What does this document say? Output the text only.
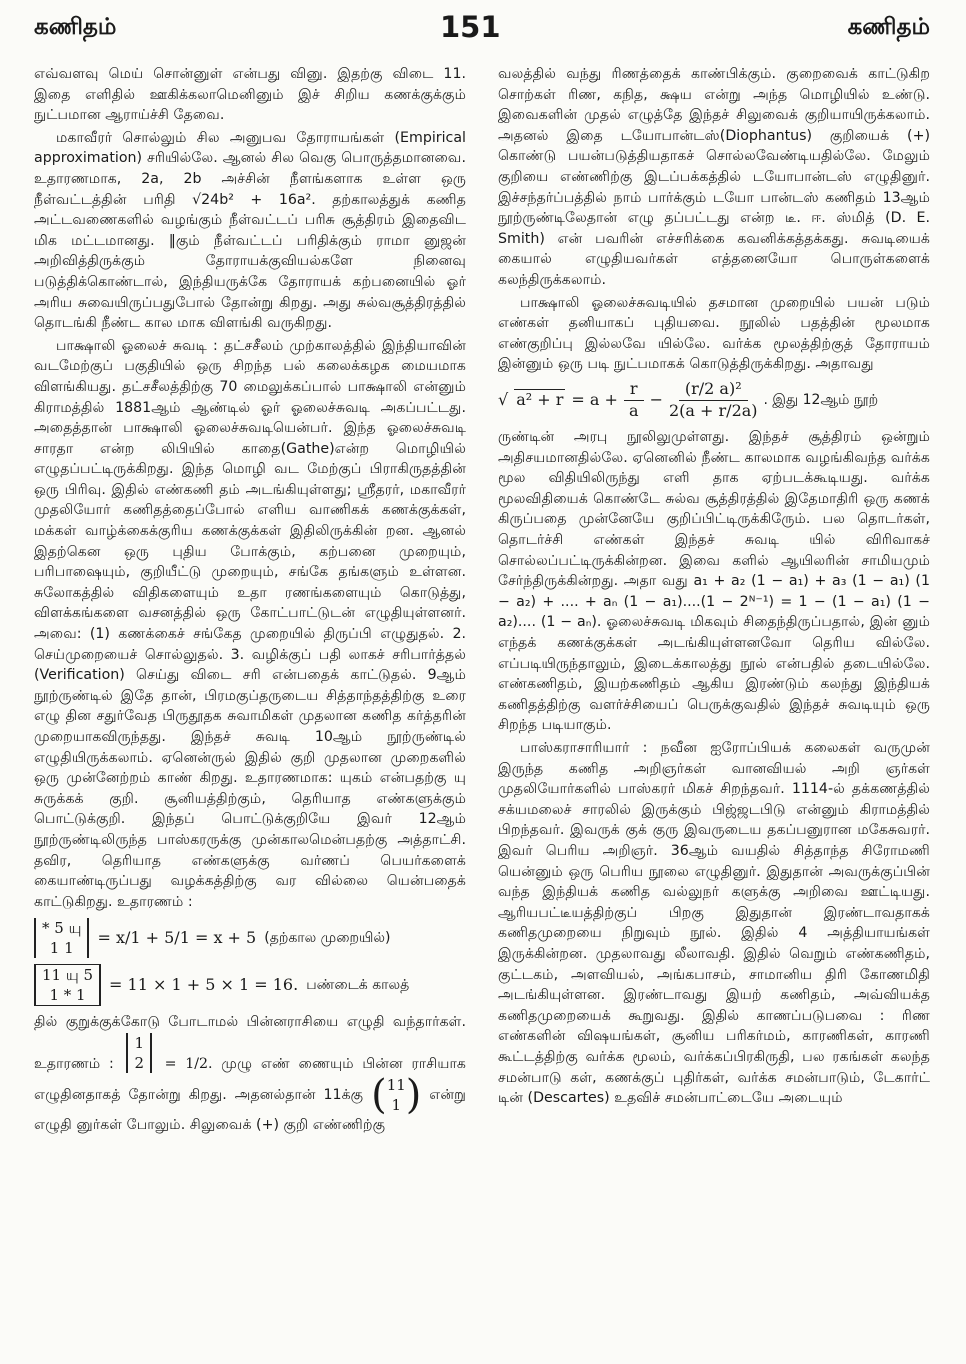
கணிதம்	151	கணிதம்

எவ்வளவு மெய் சொன்னுள் என்பது வினு. இதற்கு விடை 11. இதை எளிதில் ஊகிக்கலாமெனினும் இச் சிறிய கணக்குக்கும் நுட்பமான ஆராய்ச்சி தேவை.

மகாவீரர் சொல்லும் சில அனுபவ தோராயங்கள் (Empirical approximation) சரியில்லே. ஆனல் சில வெகு பொருத்தமானவை. உதாரணமாக, 2a, 2b அச்சின் நீளங்களாக உள்ள ஒரு நீள்வட்டத்தின் பரிதி √24b² + 16a². தற்காலத்துக் கணித அட்டவணைகளில் வழங்கும் நீள்வட்டப் பரிசு சூத்திரம் இதைவிட மிக மட்டமானது. ‖கும் நீள்வட்டப் பரிதிக்கும் ராமா னுஜன் அறிவித்திருக்கும் தோராயக்குவியல்களே நினைவு படுத்திக்கொண்டால், இந்தியருக்கே தோராயக் கற்பனையில் ஓர் அரிய சுவையிருப்பதுபோல் தோன்று கிறது. அது சுல்வசூத்திரத்தில் தொடங்கி நீண்ட கால மாக விளங்கி வருகிறது.

பாக்ஷாலி ஓலைச் சுவடி : தட்சசீலம் முற்காலத்தில் இந்தியாவின் வடமேற்குப் பகுதியில் ஒரு சிறந்த பல் கலைக்கழக மையமாக விளங்கியது. தட்சசீலத்திற்கு 70 மைலுக்கப்பால் பாக்ஷாலி என்னும் கிராமத்தில் 1881ஆம் ஆண்டில் ஓர் ஓலைச்சுவடி அகப்பட்டது. அதைத்தான் பாக்ஷாலி ஓலைச்சுவடியென்பர். இந்த ஓலைச்சுவடி சாரதா என்ற லிபியில் காதை(Gathe)என்ற மொழியில் எழுதப்பட்டிருக்கிறது. இந்த மொழி வட மேற்குப் பிராகிருதத்தின் ஒரு பிரிவு. இதில் எண்கணி தம் அடங்கியுள்ளது; ஸ்ரீதரர், மகாவீரர் முதலியோர் கணிதத்தைப்போல் எளிய வாணிகக் கணக்குக்கள், மக்கள் வாழ்க்கைக்குரிய கணக்குக்கள் இதிலிருக்கின் றன. ஆனல் இதற்கென ஒரு புதிய போக்கும், கற்பனை முறையும், பரிபாஷையும், குறியீட்டு முறையும், சங்கே தங்களும் உள்ளன. சுலோகத்தில் விதிகளையும் உதா ரணங்களையும் கொடுத்து, விளக்கங்களை வசனத்தில் ஒரு கோட்பாட்டுடன் எழுதியுள்ளனர். அவை: (1) கணக்கைச் சங்கேத முறையில் திருப்பி எழுதுதல். 2. செய்முறையைச் சொல்லுதல். 3. வழிக்குப் பதி லாகச் சரிபார்த்தல் (Verification) செய்து விடை சரி என்பதைக் காட்டுதல். 9ஆம் நூற்ருண்டில் இதே தான், பிரமகுப்தருடைய சித்தாந்தத்திற்கு உரை எழு தின சதுர்வேத பிருதூதக சுவாமிகள் முதலான கணித கர்த்தரின் முறையாகவிருந்தது. இந்தச் சுவடி 10ஆம் நூற்ருண்டில் எழுதியிருக்கலாம். ஏனென்ருல் இதில் குறி முதலான முறைகளில் ஒரு முன்னேற்றம் காண் கிறது. உதாரணமாக: யுகம் என்பதற்கு யு சுருக்கக் குறி. சூனியத்திற்கும், தெரியாத எண்களுக்கும் பொட்டுக்குறி. இந்தப் பொட்டுக்குறியே இவர் 12ஆம் நூற்ருண்டிலிருந்த பாஸ்கரருக்கு முன்காலமென்பதற்கு அத்தாட்சி. தவிர, தெரியாத எண்களுக்கு வர்ணப் பெயர்களைக் கையாண்டிருப்பது வழக்கத்திற்கு வர வில்லை யென்பதைக் காட்டுகிறது. உதாரணம் :

* 5 யு
1 1
= x/1 + 5/1 = x + 5 (தற்கால முறையில்)
11 யு 5
1 * 1
= 11 × 1 + 5 × 1 = 16. பண்டைக் காலத்

தில் குறுக்குக்கோடு போடாமல் பின்னராசியை எழுதி வந்தார்கள். உதாரணம் :
1
2 = 1/2. முழு எண் ணையும் பின்ன ராசியாக எழுதினதாகத் தோன்று கிறது. அதனல்தான் 11க்கு ( 11
1 ) என்று எழுதி னுர்கள் போலும். சிலுவைக் (+) குறி எண்ணிற்கு

வலத்தில் வந்து ரிணத்தைக் காண்பிக்கும். குறைவைக் காட்டுகிற சொற்கள் ரிண, கநித, க்ஷய என்று அந்த மொழியில் உண்டு. இவைகளின் முதல் எழுத்தே இந்தச் சிலுவைக் குறியாயிருக்கலாம். அதனல் இதை டயோபான்டஸ்(Diophantus) குறியைக் (+) கொண்டு பயன்படுத்தியதாகச் சொல்லவேண்டியதில்லே. மேலும் குறியை எண்ணிற்கு இடப்பக்கத்தில் டயோபான்டஸ் எழுதினுர். இச்சந்தர்ப்பத்தில் நாம் பார்க்கும் டயோ பான்டஸ் கணிதம் 13ஆம் நூற்ருண்டிலேதான் எழு தப்பட்டது என்ற டீ. ஈ. ஸ்மித் (D. E. Smith) என் பவரின் எச்சரிக்கை கவனிக்கத்தக்கது. சுவடியைக் கையால் எழுதியவர்கள் எத்தனையோ பொருள்களைக் கலந்திருக்கலாம்.

பாக்ஷாலி ஓலைச்சுவடியில் தசமான முறையில் பயன் படும் எண்கள் தனியாகப் புதியவை. நூலில் பதத்தின் மூலமாக எண்குறிப்பு இல்லவே யில்லே. வர்க்க மூலத்திற்குத் தோராயம் இன்னும் ஒரு படி நுட்பமாகக் கொடுத்திருக்கிறது. அதாவது

√ $a^2 + r = a + \frac{r}{a} - \frac{\text{(r/2 a)²}}{2(a + r/2a)}$ . இது 12ஆம் நூற்

ருண்டின் அரபு நூலிலுமுள்ளது. இந்தச் சூத்திரம் ஒன்றும் அதிசயமானதில்லே. ஏனெனில் நீண்ட காலமாக வழங்கிவந்த வர்க்க மூல விதியிலிருந்து எளி தாக ஏற்படக்கூடியது. வர்க்க மூலவிதியைக் கொண்டே சுல்வ சூத்திரத்தில் இதேமாதிரி ஒரு கணக் கிருப்பதை முன்னேயே குறிப்பிட்டிருக்கிருேம். பல தொடர்கள், தொடர்ச்சி எண்கள் இந்தச் சுவடி யில் விரிவாகச் சொல்லப்பட்டிருக்கின்றன. இவை களில் ஆயிலரின் சாமியமும் சேர்ந்திருக்கின்றது. அதா வது a₁ + a₂ (1 − a₁) + a₃ (1 − a₁) (1 − a₂) + .... + aₙ (1 − a₁)....(1 − 2ᴺ⁻¹) = 1 − (1 − a₁) (1 − a₂).... (1 − aₙ). ஓலைச்சுவடி மிகவும் சிதைந்திருப்பதால், இன் னும் எந்தக் கணக்குக்கள் அடங்கியுள்ளனவோ தெரிய வில்லே. எப்படியிருந்தாலும், இடைக்காலத்து நூல் என்பதில் தடையில்லே. எண்கணிதம், இயற்கணிதம் ஆகிய இரண்டும் கலந்து இந்தியக் கணிதத்திற்கு வளர்ச்சியைப் பெருக்குவதில் இந்தச் சுவடியும் ஒரு சிறந்த படியாகும்.

பாஸ்கராசாரியார் : நவீன ஐரோப்பியக் கலைகள் வருமுன் இருந்த கணித அறிஞர்கள் வானவியல் அறி ஞர்கள் முதலியோர்களில் பாஸ்கரர் மிகச் சிறந்தவர். 1114-ல் தக்கணத்தில் சக்யமலைச் சாரலில் இருக்கும் பிஜ்ஜடபிடு என்னும் கிராமத்தில் பிறந்தவர். இவருக் குக் குரு இவருடைய தகப்பனுரான மகேசுவரர். இவர் பெரிய அறிஞர். 36ஆம் வயதில் சித்தாந்த சிரோமணி யென்னும் ஒரு பெரிய நூலை எழுதினுர். இதுதான் அவருக்குப்பின் வந்த இந்தியக் கணித வல்லுநர் களுக்கு அறிவை ஊட்டியது. ஆரியபட்டீயத்திற்குப் பிறகு இதுதான் இரண்டாவதாகக் கணிதமுறையை நிறுவும் நூல். இதில் 4 அத்தியாயங்கள் இருக்கின்றன. முதலாவது லீலாவதி. இதில் வெறும் எண்கணிதம், குட்டகம், அளவியல், அங்கபாசம், சாமானிய திரி கோணமிதி அடங்கியுள்ளன. இரண்டாவது இயற் கணிதம், அவ்வியக்த கணிதமுறையைக் கூறுவது. இதில் காணப்படுபவை : ரிண எண்களின் விஷயங்கள், சூனிய பரிகர்மம், காரணிகள், காரணி கூட்டத்திற்கு வர்க்க மூலம், வர்க்கப்பிரகிருதி, பல ரகங்கள் கலந்த சமன்பாடு கள், கணக்குப் புதிர்கள், வர்க்க சமன்பாடும், டேகார்ட் டின் (Descartes) உதவிச் சமன்பாட்டையே அடையும்
